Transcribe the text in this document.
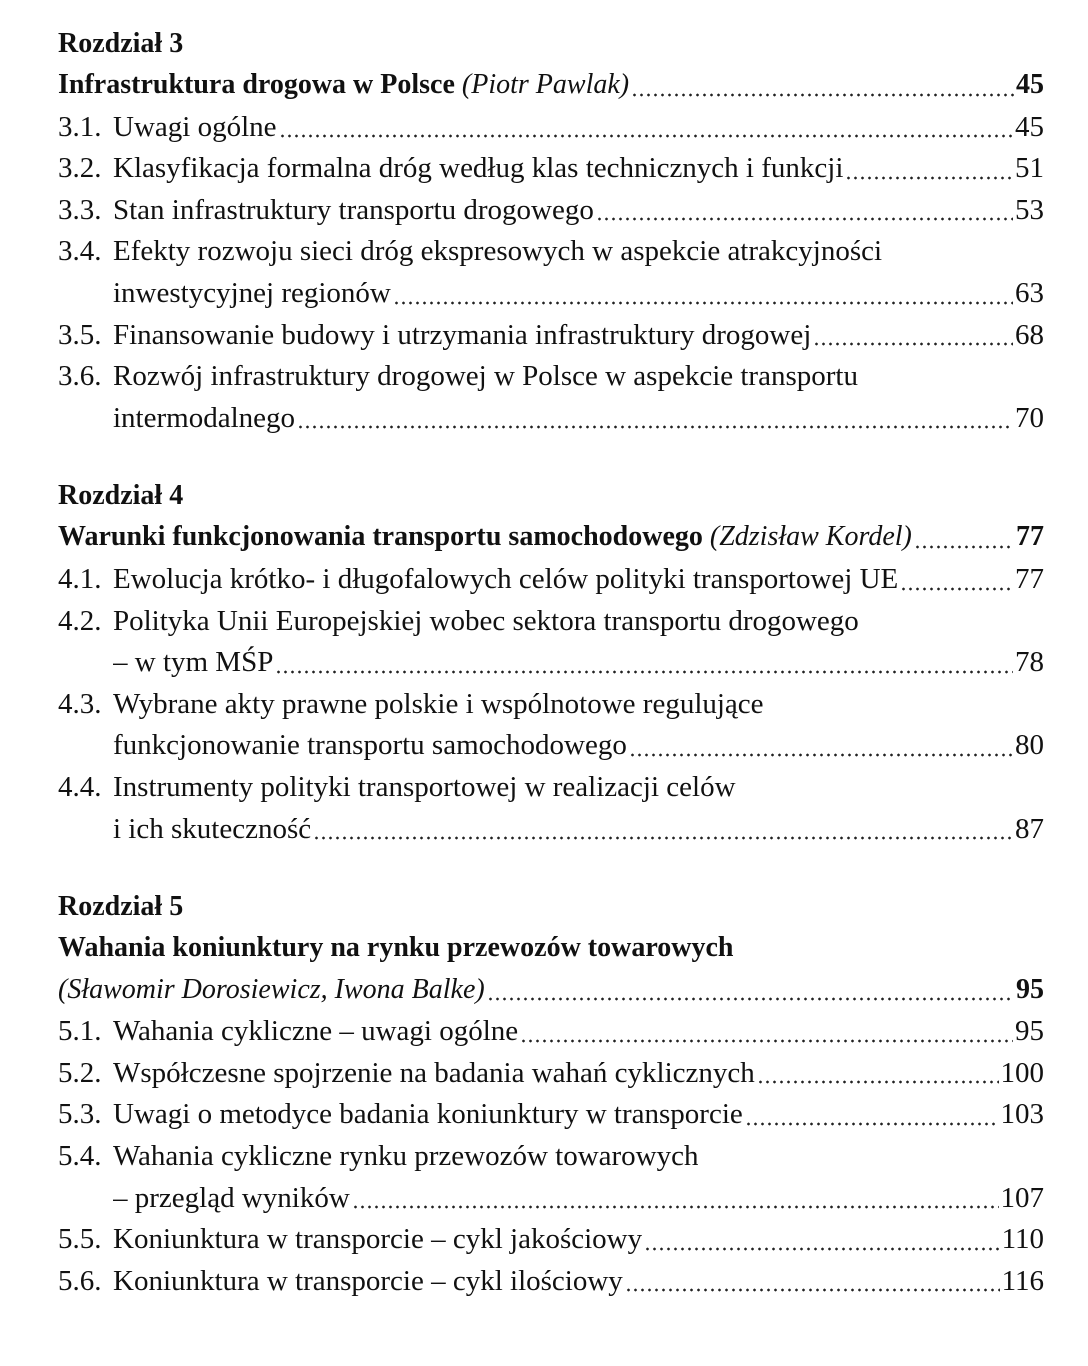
Rozdział 3
Infrastruktura drogowa w Polsce (Piotr Pawlak)	45
3.1. Uwagi ogólne	45
3.2. Klasyfikacja formalna dróg według klas technicznych i funkcji	51
3.3. Stan infrastruktury transportu drogowego	53
3.4. Efekty rozwoju sieci dróg ekspresowych w aspekcie atrakcyjności
inwestycyjnej regionów	63
3.5. Finansowanie budowy i utrzymania infrastruktury drogowej	68
3.6. Rozwój infrastruktury drogowej w Polsce w aspekcie transportu
intermodalnego	70
Rozdział 4
Warunki funkcjonowania transportu samochodowego (Zdzisław Kordel)	77
4.1. Ewolucja krótko- i długofalowych celów polityki transportowej UE	77
4.2. Polityka Unii Europejskiej wobec sektora transportu drogowego
– w tym MŚP	78
4.3. Wybrane akty prawne polskie i wspólnotowe regulujące
funkcjonowanie transportu samochodowego	80
4.4. Instrumenty polityki transportowej w realizacji celów
i ich skuteczność	87
Rozdział 5
Wahania koniunktury na rynku przewozów towarowych
(Sławomir Dorosiewicz, Iwona Balke)	95
5.1. Wahania cykliczne – uwagi ogólne	95
5.2. Współczesne spojrzenie na badania wahań cyklicznych	100
5.3. Uwagi o metodyce badania koniunktury w transporcie	103
5.4. Wahania cykliczne rynku przewozów towarowych
– przegląd wyników	107
5.5. Koniunktura w transporcie – cykl jakościowy	110
5.6. Koniunktura w transporcie – cykl ilościowy	116
